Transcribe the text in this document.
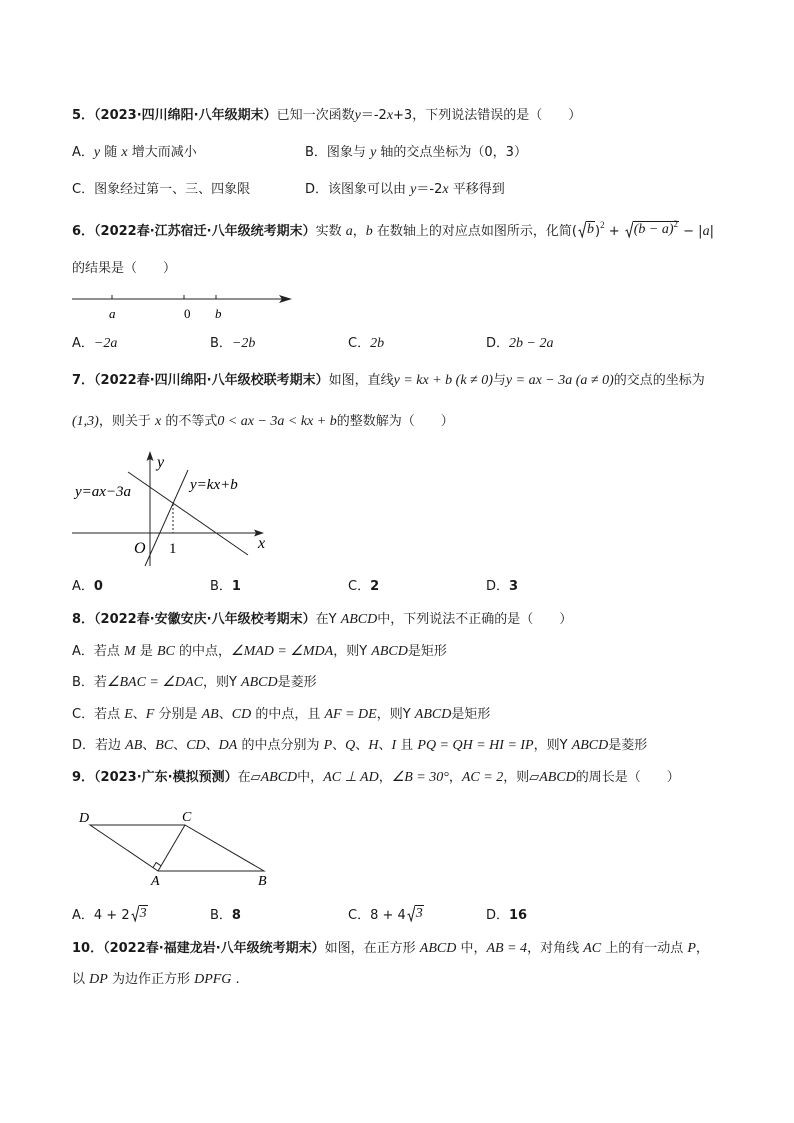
5．（2023·四川绵阳·八年级期末）已知一次函数y＝-2x+3，下列说法错误的是（　　）
A．y 随 x 增大而减小	B．图象与 y 轴的交点坐标为（0，3）
C．图象经过第一、三、四象限	D．该图象可以由 y＝-2x 平移得到
6．（2022春·江苏宿迁·八年级统考期末）实数 a，b 在数轴上的对应点如图所示，化简( b )$^2 + (b - a)^2 - |a|$
的结果是（　　）
A．−2a	B．−2b	C．2b	D．2b − 2a
7．（2022春·四川绵阳·八年级校联考期末）如图，直线y = kx + b (k ≠ 0)与y = ax − 3a (a ≠ 0)的交点的坐标为
(1,3)，则关于 x 的不等式0 < ax − 3a < kx + b的整数解为（　　）
A．0	B．1	C．2	D．3
8．（2022春·安徽安庆·八年级校考期末）在Y ABCD中，下列说法不正确的是（　　）
A．若点 M 是 BC 的中点，∠MAD = ∠MDA，则Y ABCD是矩形
B．若∠BAC = ∠DAC，则Y ABCD是菱形
C．若点 E、F 分别是 AB、CD 的中点，且 AF = DE，则Y ABCD是矩形
D．若边 AB、BC、CD、DA 的中点分别为 P、Q、H、I 且 PQ = QH = HI = IP，则Y ABCD是菱形
9．（2023·广东·模拟预测）在▱ABCD中，AC ⊥ AD，∠B = 30°，AC = 2，则▱ABCD的周长是（　　）
A．4 + 2 3	B．8	C．8 + 4 3	D．16
10．（2022春·福建龙岩·八年级统考期末）如图，在正方形 ABCD 中，AB = 4，对角线 AC 上的有一动点 P，
以 DP 为边作正方形 DPFG .
a	0 b
y
x
O 1
y=ax−3a	y=kx+b
D	C
A	B
